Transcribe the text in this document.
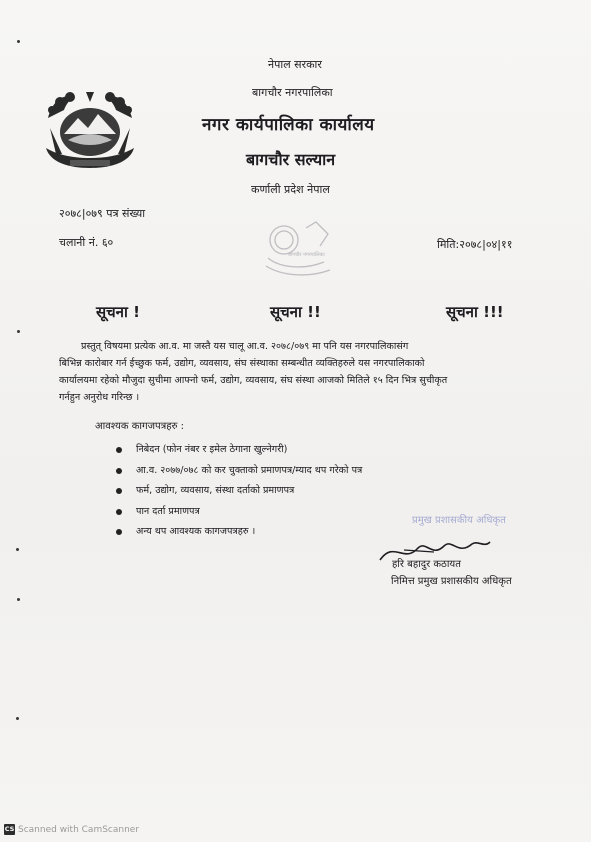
नेपाल सरकार
बागचौर नगरपालिका
नगर कार्यपालिका कार्यालय
बागचौर सल्यान
कर्णाली प्रदेश नेपाल
२०७८|०७९ पत्र संख्या
चलानी नं. ६०	मिति:२०७८|०४|११
बागचौर नगरपालिका
सूचना !	सूचना !!	सूचना !!!
प्रस्तुत् विषयमा प्रत्येक आ.व. मा जस्तै यस चालू आ.व. २०७८/०७९ मा पनि यस नगरपालिकासंग
बिभिन्न कारोबार गर्न ईच्छुक फर्म, उद्योग, व्यवसाय, संघ संस्थाका सम्बन्धीत व्यक्तिहरुले यस नगरपालिकाको
कार्यालयमा रहेको मौजुदा सुचीमा आफ्नो फर्म, उद्योग, व्यवसाय, संघ संस्था आजको मितिले १५ दिन भित्र सुचीकृत
गर्नहुन अनुरोध गरिन्छ ।
आवश्यक कागजपत्रहरु :
निबेदन (फोन नंबर र इमेल ठेगाना खुल्नेगरी)
आ.व. २०७७/०७८ को कर चुक्ताको प्रमाणपत्र/म्याद थप गरेको पत्र
फर्म, उद्योग, व्यवसाय, संस्था दर्ताको प्रमाणपत्र
पान दर्ता प्रमाणपत्र
अन्य थप आवश्यक कागजपत्रहरु ।
प्रमुख प्रशासकीय अधिकृत
हरि बहादुर कठायत
निमित्त प्रमुख प्रशासकीय अधिकृत
CS Scanned with CamScanner
